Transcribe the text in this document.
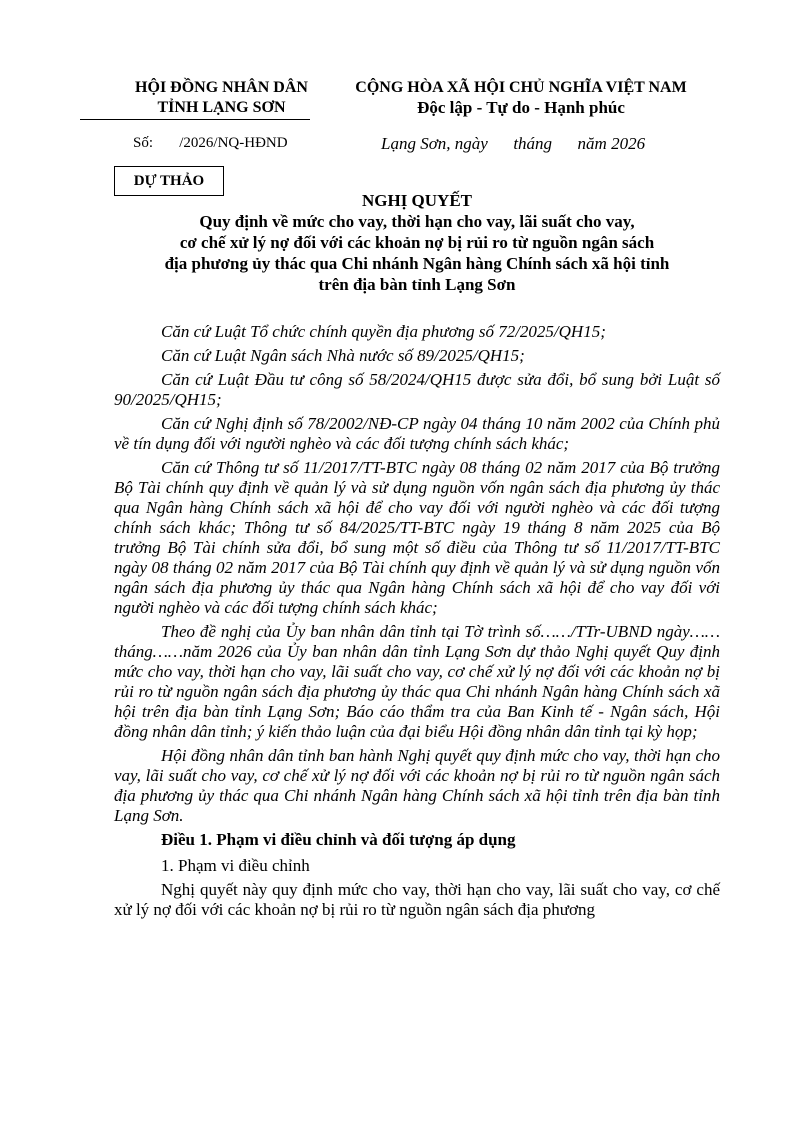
HỘI ĐỒNG NHÂN DÂN
TỈNH LẠNG SƠN
CỘNG HÒA XÃ HỘI CHỦ NGHĨA VIỆT NAM
Độc lập - Tự do - Hạnh phúc
Số:       /2026/NQ-HĐND	Lạng Sơn, ngày      tháng      năm 2026
DỰ THẢO
NGHỊ QUYẾT
Quy định về mức cho vay, thời hạn cho vay, lãi suất cho vay,
cơ chế xử lý nợ đối với các khoản nợ bị rủi ro từ nguồn ngân sách
địa phương ủy thác qua Chi nhánh Ngân hàng Chính sách xã hội tỉnh
trên địa bàn tỉnh Lạng Sơn

Căn cứ Luật Tổ chức chính quyền địa phương số 72/2025/QH15;

Căn cứ Luật Ngân sách Nhà nước số 89/2025/QH15;

Căn cứ Luật Đầu tư công số 58/2024/QH15 được sửa đổi, bổ sung bởi Luật số 90/2025/QH15;

Căn cứ Nghị định số 78/2002/NĐ-CP ngày 04 tháng 10 năm 2002 của Chính phủ về tín dụng đối với người nghèo và các đối tượng chính sách khác;

Căn cứ Thông tư số 11/2017/TT-BTC ngày 08 tháng 02 năm 2017 của Bộ trưởng Bộ Tài chính quy định về quản lý và sử dụng nguồn vốn ngân sách địa phương ủy thác qua Ngân hàng Chính sách xã hội để cho vay đối với người nghèo và các đối tượng chính sách khác; Thông tư số 84/2025/TT-BTC ngày 19 tháng 8 năm 2025 của Bộ trưởng Bộ Tài chính sửa đổi, bổ sung một số điều của Thông tư số 11/2017/TT-BTC ngày 08 tháng 02 năm 2017 của Bộ Tài chính quy định về quản lý và sử dụng nguồn vốn ngân sách địa phương ủy thác qua Ngân hàng Chính sách xã hội để cho vay đối với người nghèo và các đối tượng chính sách khác;

Theo đề nghị của Ủy ban nhân dân tỉnh tại Tờ trình số……/TTr-UBND ngày…… tháng……năm 2026 của Ủy ban nhân dân tỉnh Lạng Sơn dự thảo Nghị quyết Quy định mức cho vay, thời hạn cho vay, lãi suất cho vay, cơ chế xử lý nợ đối với các khoản nợ bị rủi ro từ nguồn ngân sách địa phương ủy thác qua Chi nhánh Ngân hàng Chính sách xã hội trên địa bàn tỉnh Lạng Sơn; Báo cáo thẩm tra của Ban Kinh tế - Ngân sách, Hội đồng nhân dân tỉnh; ý kiến thảo luận của đại biểu Hội đồng nhân dân tỉnh tại kỳ họp;

Hội đồng nhân dân tỉnh ban hành Nghị quyết quy định mức cho vay, thời hạn cho vay, lãi suất cho vay, cơ chế xử lý nợ đối với các khoản nợ bị rủi ro từ nguồn ngân sách địa phương ủy thác qua Chi nhánh Ngân hàng Chính sách xã hội tỉnh trên địa bàn tỉnh Lạng Sơn.

Điều 1. Phạm vi điều chỉnh và đối tượng áp dụng

1. Phạm vi điều chỉnh

Nghị quyết này quy định mức cho vay, thời hạn cho vay, lãi suất cho vay, cơ chế xử lý nợ đối với các khoản nợ bị rủi ro từ nguồn ngân sách địa phương
